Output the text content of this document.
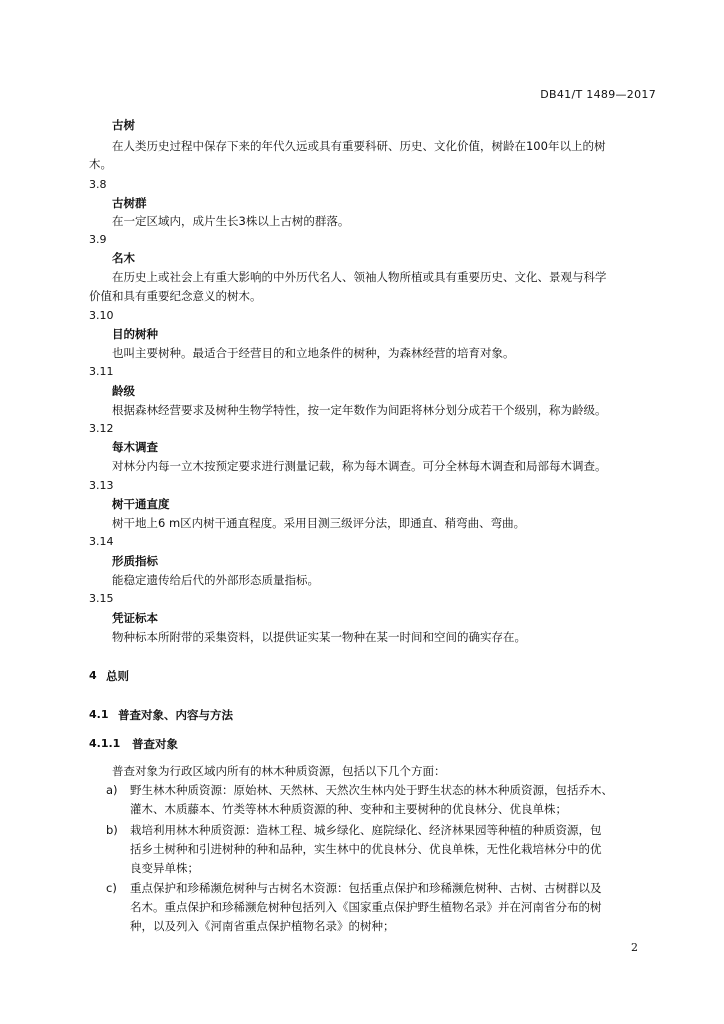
DB41/T 1489—2017
古树
在人类历史过程中保存下来的年代久远或具有重要科研、历史、文化价值，树龄在100年以上的树
木。
3.8
古树群
在一定区域内，成片生长3株以上古树的群落。
3.9
名木
在历史上或社会上有重大影响的中外历代名人、领袖人物所植或具有重要历史、文化、景观与科学
价值和具有重要纪念意义的树木。
3.10
目的树种
也叫主要树种。最适合于经营目的和立地条件的树种，为森林经营的培育对象。
3.11
龄级
根据森林经营要求及树种生物学特性，按一定年数作为间距将林分划分成若干个级别，称为龄级。
3.12
每木调查
对林分内每一立木按预定要求进行测量记载，称为每木调查。可分全林每木调查和局部每木调查。
3.13
树干通直度
树干地上6 m区内树干通直程度。采用目测三级评分法，即通直、稍弯曲、弯曲。
3.14
形质指标
能稳定遗传给后代的外部形态质量指标。
3.15
凭证标本
物种标本所附带的采集资料，以提供证实某一物种在某一时间和空间的确实存在。
4 总则
4.1 普查对象、内容与方法
4.1.1 普查对象
普查对象为行政区域内所有的林木种质资源，包括以下几个方面：
a) 野生林木种质资源：原始林、天然林、天然次生林内处于野生状态的林木种质资源，包括乔木、
灌木、木质藤本、竹类等林木种质资源的种、变种和主要树种的优良林分、优良单株；
b) 栽培利用林木种质资源：造林工程、城乡绿化、庭院绿化、经济林果园等种植的种质资源，包
括乡土树种和引进树种的种和品种，实生林中的优良林分、优良单株，无性化栽培林分中的优
良变异单株；
c) 重点保护和珍稀濒危树种与古树名木资源：包括重点保护和珍稀濒危树种、古树、古树群以及
名木。重点保护和珍稀濒危树种包括列入《国家重点保护野生植物名录》并在河南省分布的树
种，以及列入《河南省重点保护植物名录》的树种；
2
